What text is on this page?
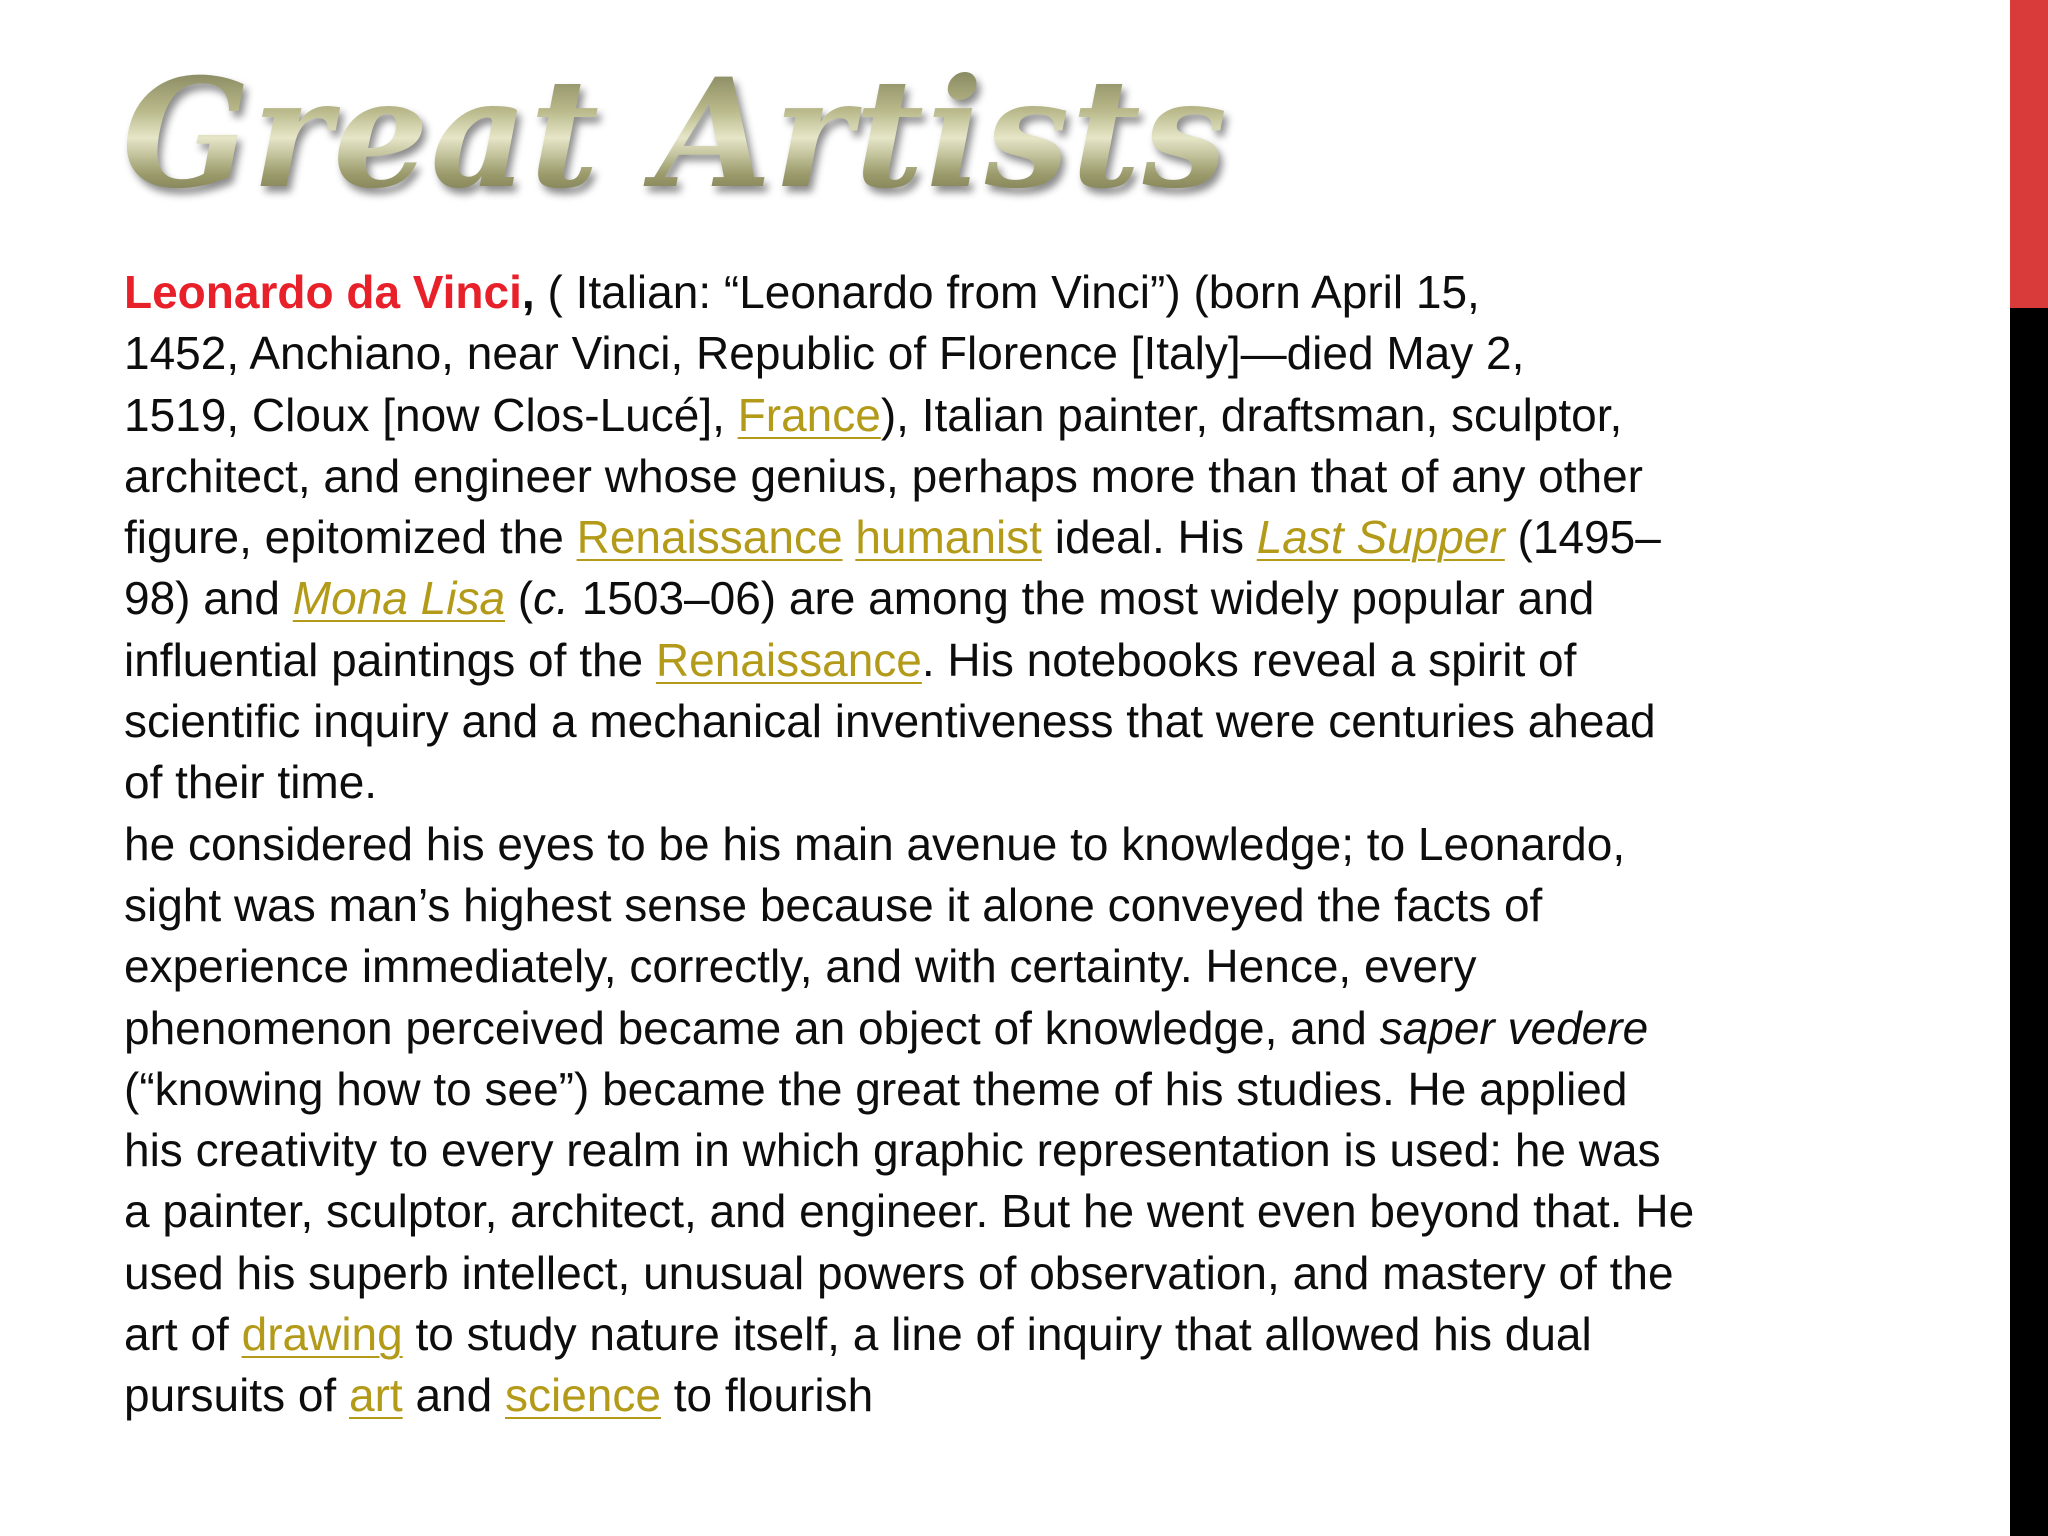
Great Artists
Leonardo da Vinci, ( Italian: “Leonardo from Vinci”) (born April 15,
1452, Anchiano, near Vinci, Republic of Florence [Italy]—died May 2,
1519, Cloux [now Clos-Lucé], France), Italian painter, draftsman, sculptor,
architect, and engineer whose genius, perhaps more than that of any other
figure, epitomized the Renaissance humanist ideal. His Last Supper (1495–
98) and Mona Lisa (c. 1503–06) are among the most widely popular and
influential paintings of the Renaissance. His notebooks reveal a spirit of
scientific inquiry and a mechanical inventiveness that were centuries ahead
of their time.
he considered his eyes to be his main avenue to knowledge; to Leonardo,
sight was man’s highest sense because it alone conveyed the facts of
experience immediately, correctly, and with certainty. Hence, every
phenomenon perceived became an object of knowledge, and saper vedere
(“knowing how to see”) became the great theme of his studies. He applied
his creativity to every realm in which graphic representation is used: he was
a painter, sculptor, architect, and engineer. But he went even beyond that. He
used his superb intellect, unusual powers of observation, and mastery of the
art of drawing to study nature itself, a line of inquiry that allowed his dual
pursuits of art and science to flourish
